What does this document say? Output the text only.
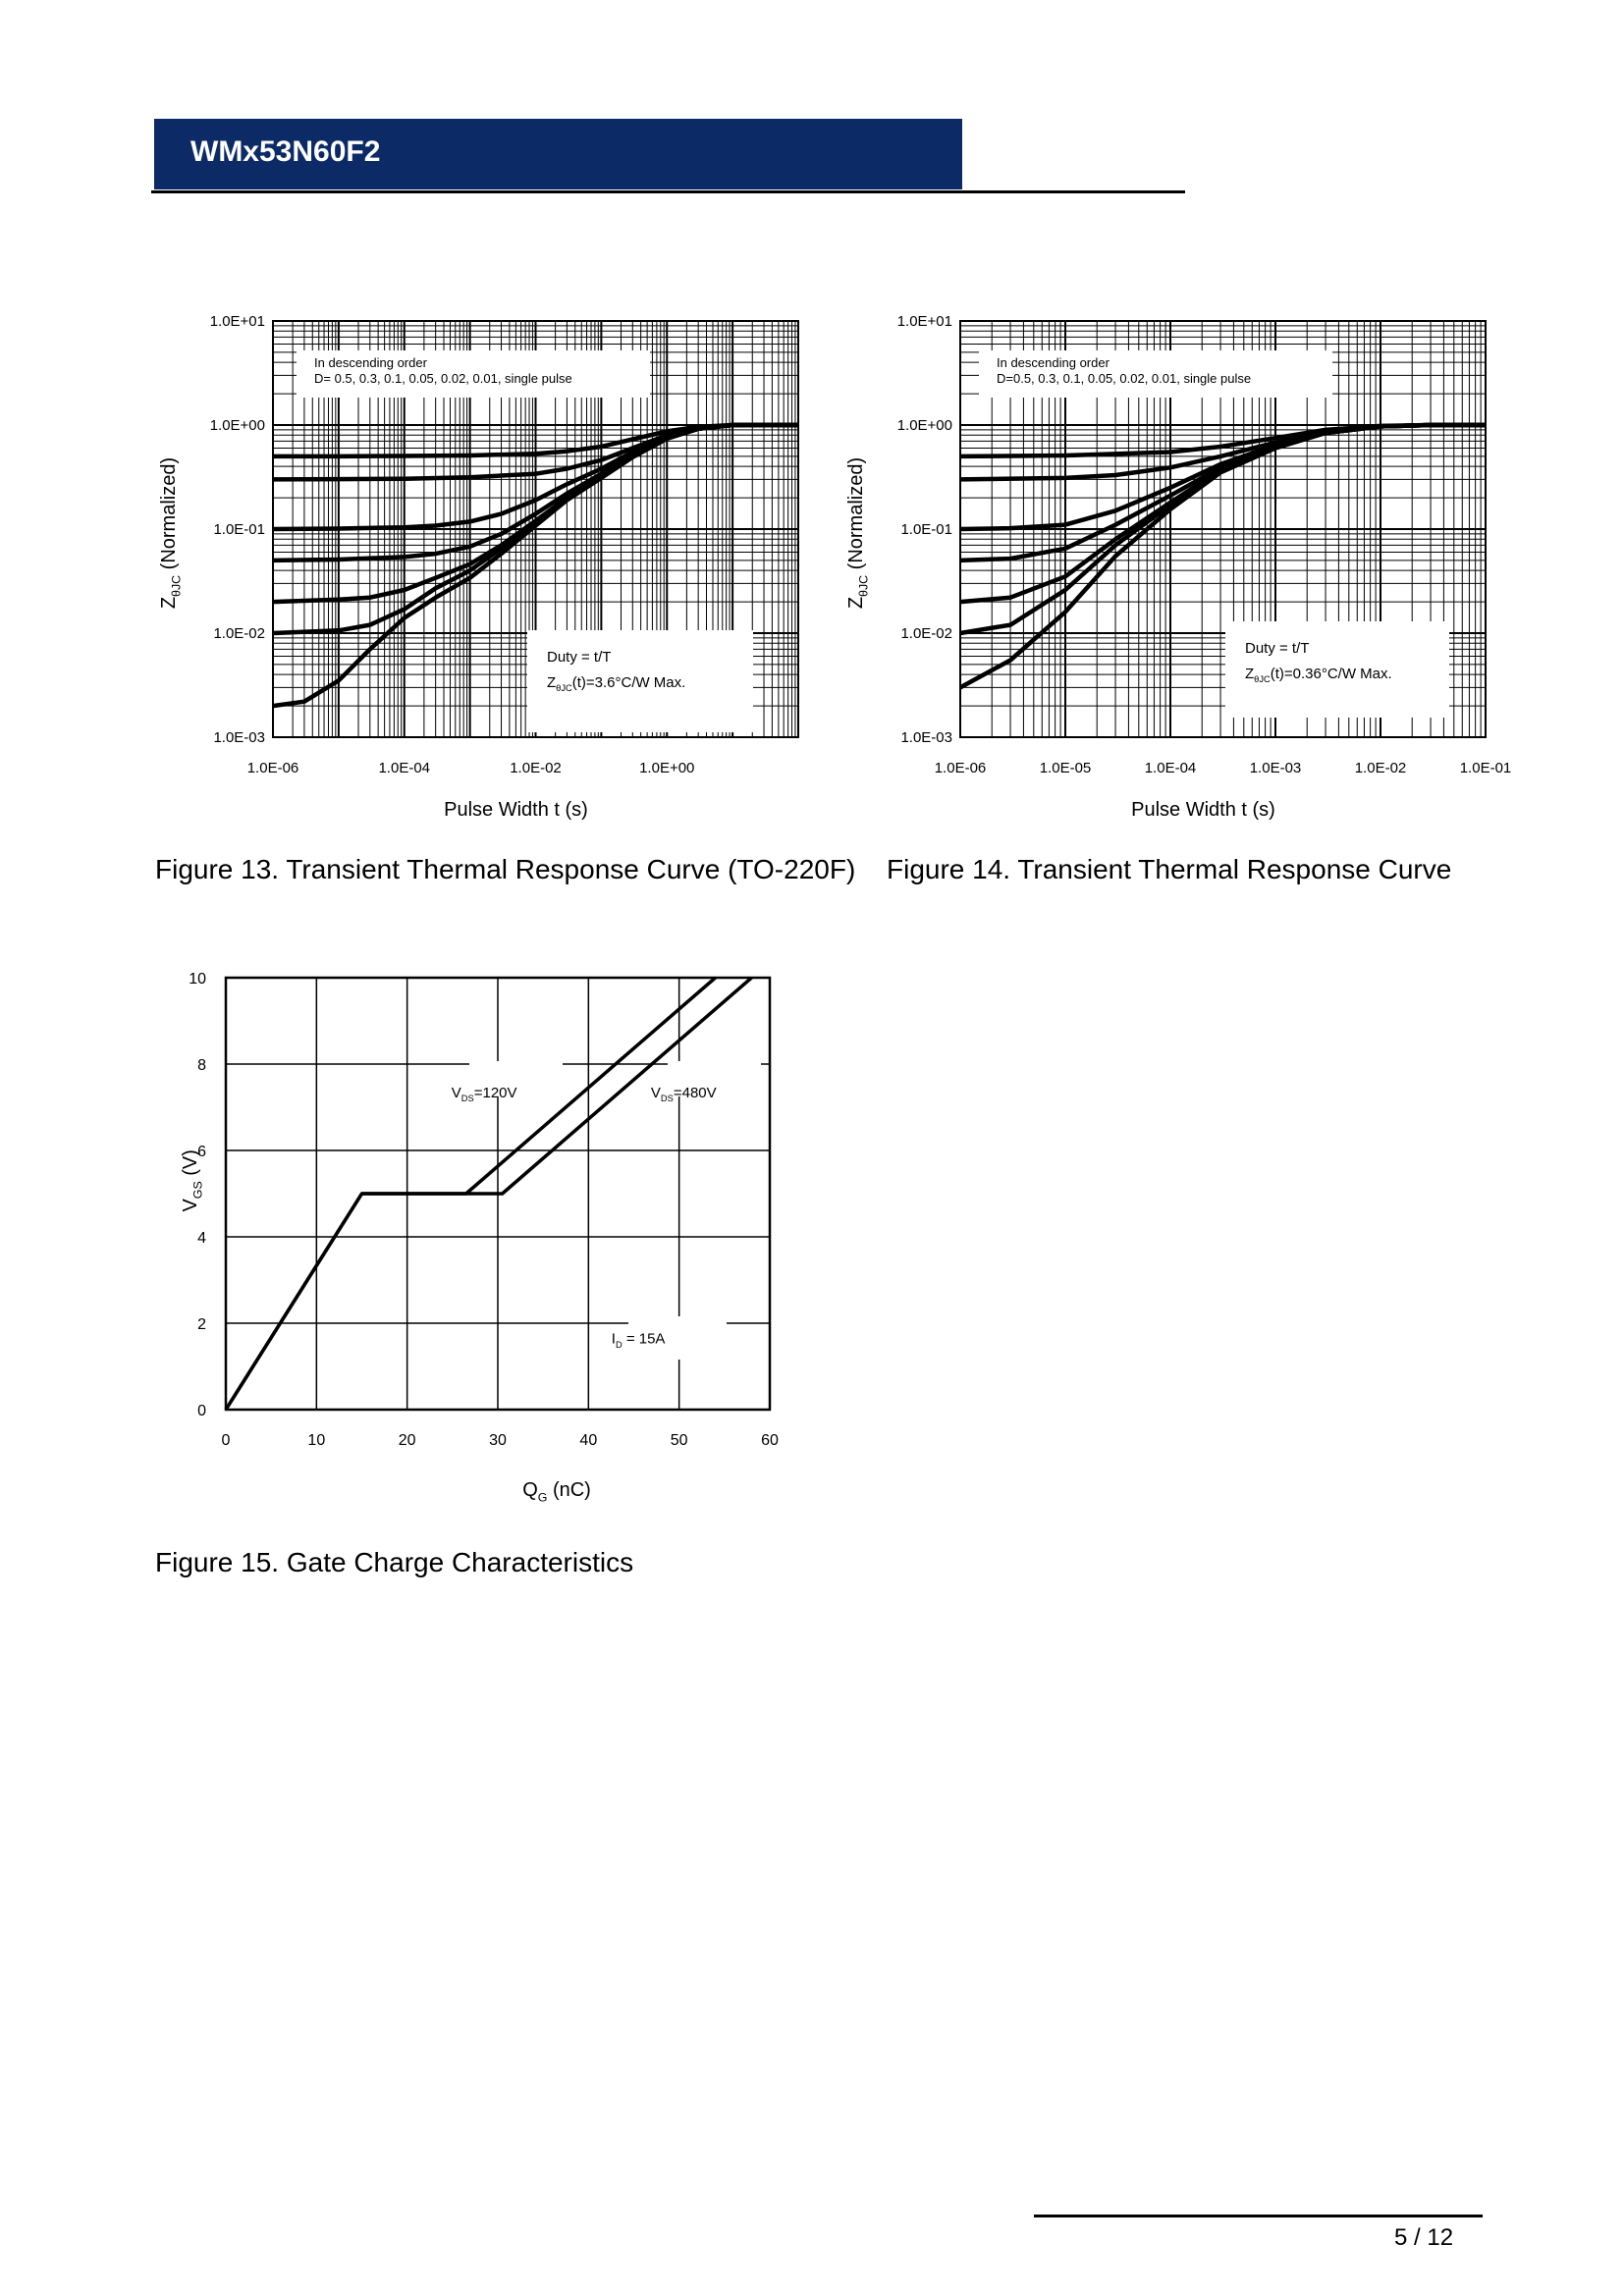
WMx53N60F2
In descending order
D= 0.5, 0.3, 0.1, 0.05, 0.02, 0.01, single pulse
Duty = t/T
$Z_{\theta JC}(t)=3.6^\circ C/W$ Max.
1.0E+01
1.0E+00
1.0E-01
1.0E-02
1.0E-03
1.0E-06	1.0E-04	1.0E-02	1.0E+00
$Z_{\theta JC}$ (Normalized)
Pulse Width t (s)
In descending order
D=0.5, 0.3, 0.1, 0.05, 0.02, 0.01, single pulse
Duty = t/T
$Z_{\theta JC}(t)=0.36^\circ C/W$ Max.
1.0E+01
1.0E+00
1.0E-01
1.0E-02
1.0E-03
1.0E-06	1.0E-05	1.0E-04	1.0E-03	1.0E-02	1.0E-01
$Z_{\theta JC}$ (Normalized)
Pulse Width t (s)
$V_{DS}=120V$	$V_{DS}=480V$
$I_D = 15A$
0
2
4
6
8
10
0	10	20	30	40	50	60
$V_{GS}$ (V)
$Q_G$ (nC)
Figure 13. Transient Thermal Response Curve (TO-220F) Figure 14. Transient Thermal Response Curve
Figure 15. Gate Charge Characteristics
5 / 12
